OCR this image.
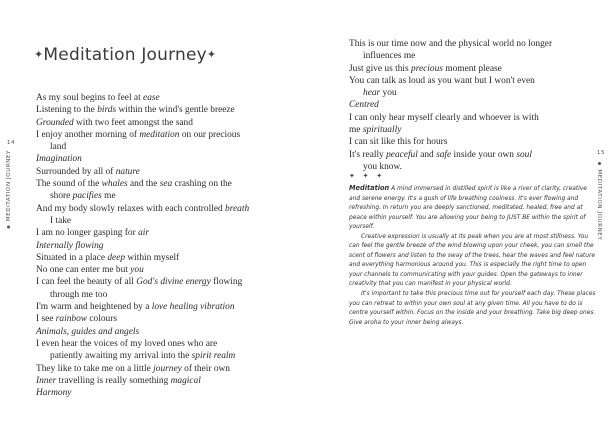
14
MEDITATION JOURNEY
✦Meditation Journey✦
As my soul begins to feel at ease
Listening to the birds within the wind's gentle breeze
Grounded with two feet amongst the sand
I enjoy another morning of meditation on our precious
land
Imagination
Surrounded by all of nature
The sound of the whales and the sea crashing on the
shore pacifies me
And my body slowly relaxes with each controlled breath
I take
I am no longer gasping for air
Internally flowing
Situated in a place deep within myself
No one can enter me but you
I can feel the beauty of all God's divine energy flowing
through me too
I'm warm and heightened by a love healing vibration
I see rainbow colours
Animals, guides and angels
I even hear the voices of my loved ones who are
patiently awaiting my arrival into the spirit realm
They like to take me on a little journey of their own
Inner travelling is really something magical
Harmony
15
MEDITATION JOURNEY
This is our time now and the physical world no longer
influences me
Just give us this precious moment please
You can talk as loud as you want but I won't even
hear you
Centred
I can only hear myself clearly and whoever is with
me spiritually
I can sit like this for hours
It's really peaceful and safe inside your own soul
you know.
✦ ✦ ✦

Meditation A mind immersed in distilled spirit is like a river of clarity, creative and serene energy. It's a gush of life breathing coolness. It's ever flowing and refreshing. In return you are deeply sanctioned, meditated, healed, free and at peace within yourself. You are allowing your being to JUST BE within the spirit of yourself.

Creative expression is usually at its peak when you are at most stillness. You can feel the gentle breeze of the wind blowing upon your cheek, you can smell the scent of flowers and listen to the sway of the trees, hear the waves and feel nature and everything harmonious around you. This is especially the right time to open your channels to communicating with your guides. Open the gateways to inner creativity that you can manifest in your physical world.

It's important to take this precious time out for yourself each day. These places you can retreat to within your own soul at any given time. All you have to do is centre yourself within. Focus on the inside and your breathing. Take big deep ones. Give aroha to your inner being always.
